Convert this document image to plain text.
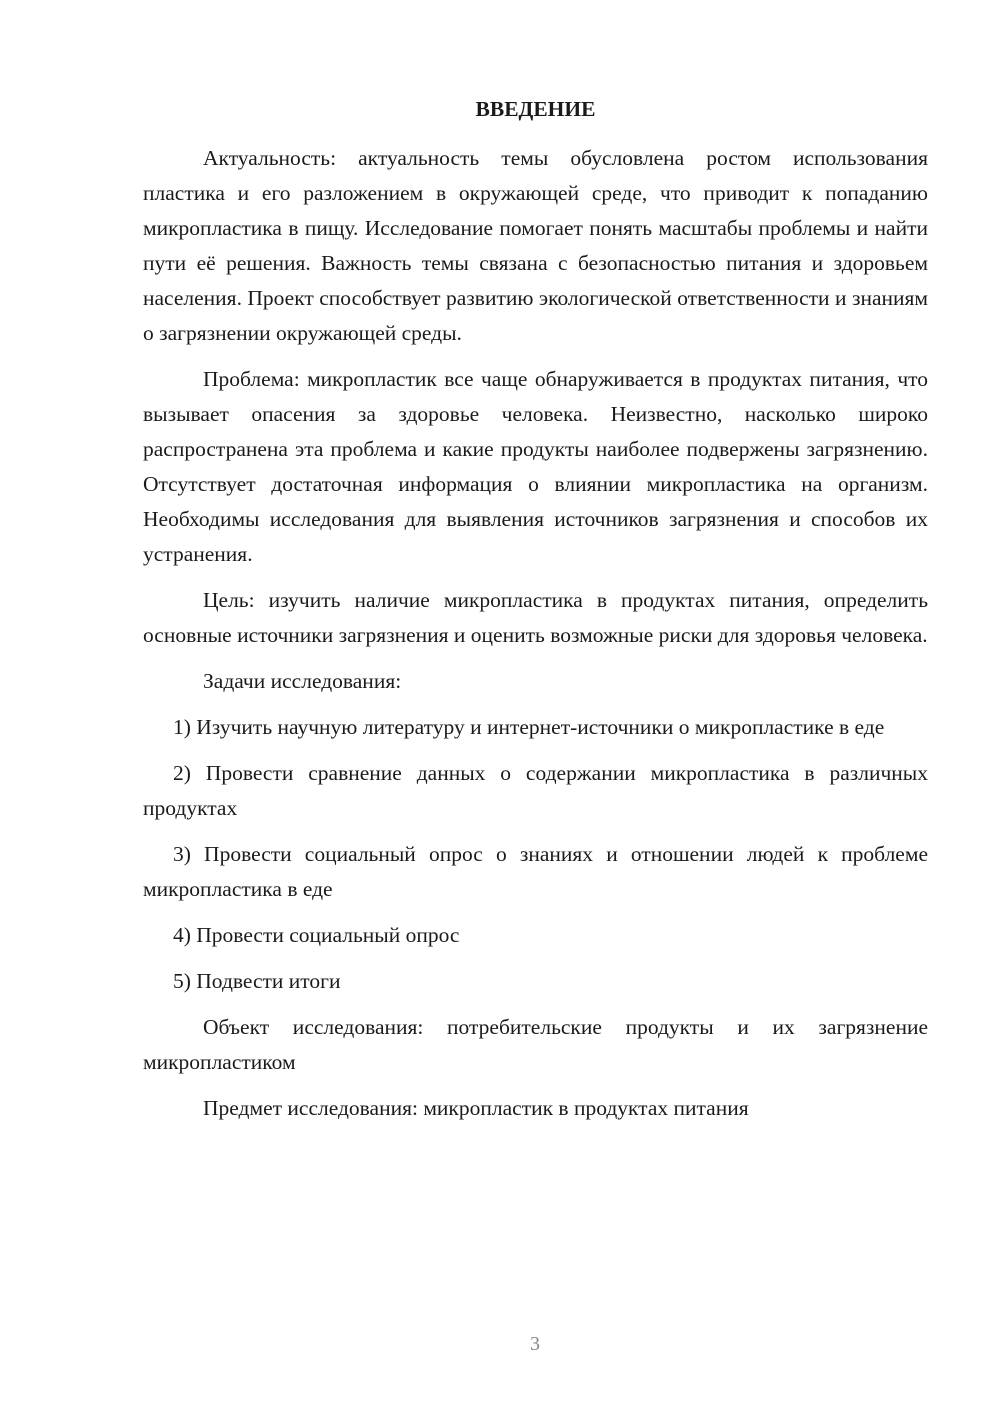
ВВЕДЕНИЕ

Актуальность: актуальность темы обусловлена ростом использования пластика и его разложением в окружающей среде, что приводит к попаданию микропластика в пищу. Исследование помогает понять масштабы проблемы и найти пути её решения. Важность темы связана с безопасностью питания и здоровьем населения. Проект способствует развитию экологической ответственности и знаниям о загрязнении окружающей среды.

Проблема: микропластик все чаще обнаруживается в продуктах питания, что вызывает опасения за здоровье человека. Неизвестно, насколько широко распространена эта проблема и какие продукты наиболее подвержены загрязнению. Отсутствует достаточная информация о влиянии микропластика на организм. Необходимы исследования для выявления источников загрязнения и способов их устранения.

Цель: изучить наличие микропластика в продуктах питания, определить основные источники загрязнения и оценить возможные риски для здоровья человека.

Задачи исследования:

1) Изучить научную литературу и интернет-источники о микропластике в еде

2) Провести сравнение данных о содержании микропластика в различных продуктах

3) Провести социальный опрос о знаниях и отношении людей к проблеме микропластика в еде

4) Провести социальный опрос

5) Подвести итоги

Объект исследования: потребительские продукты и их загрязнение микропластиком

Предмет исследования: микропластик в продуктах питания

3
